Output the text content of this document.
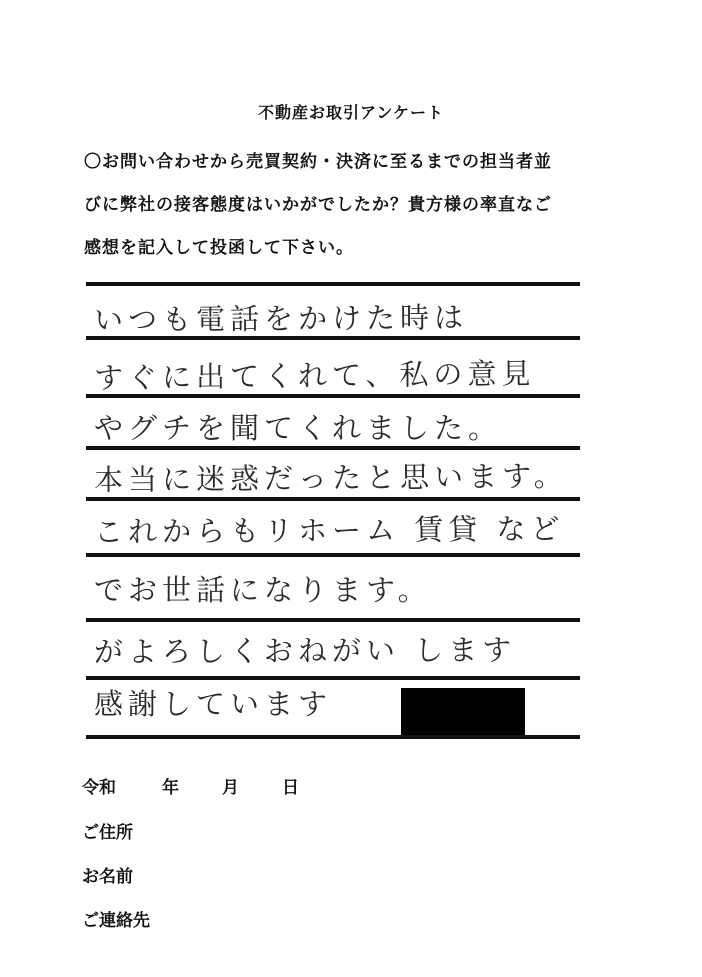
不動産お取引アンケート
〇お問い合わせから売買契約・決済に至るまでの担当者並
びに弊社の接客態度はいかがでしたか？貴方様の率直なご
感想を記入して投函して下さい。
いつも電話をかけた時は
すぐに出てくれて、私の意見
やグチを聞てくれました。
本当に迷惑だったと思います。
これからもリホーム 賃貸 など
でお世話になります。
がよろしくおねがい します
感謝しています
令和	年	月	日
ご住所
お名前
ご連絡先
